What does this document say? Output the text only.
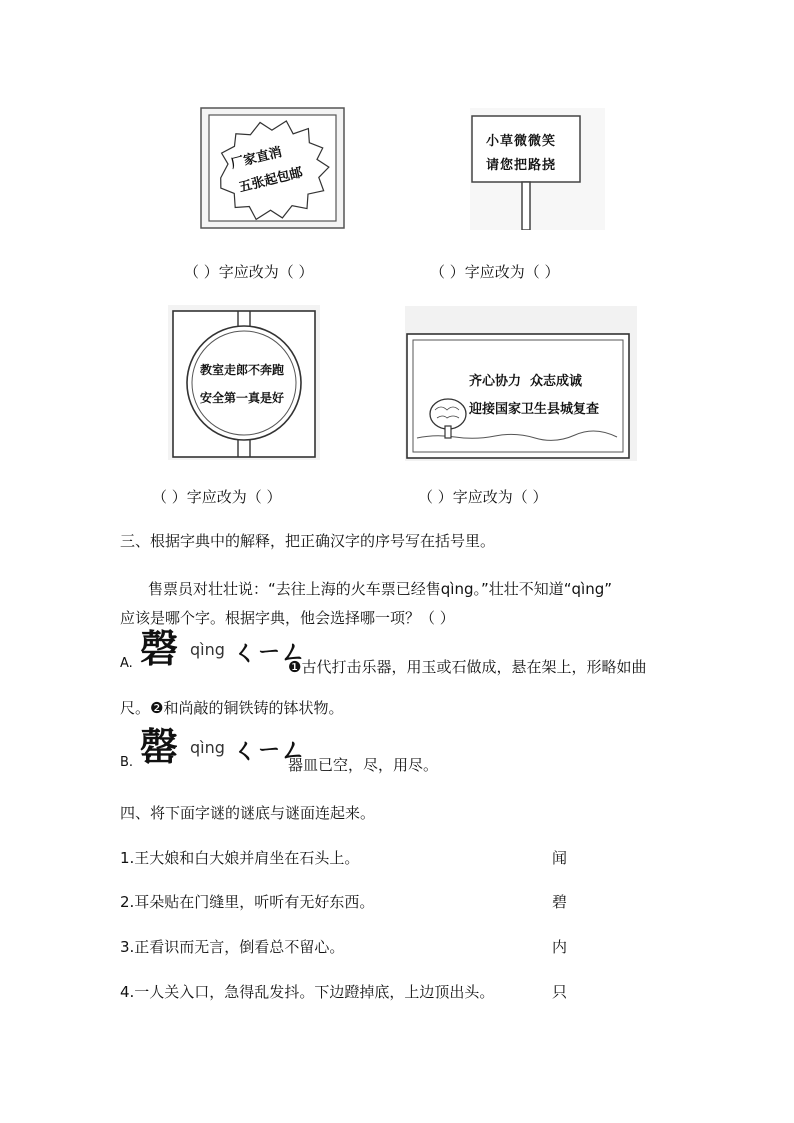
厂家直消
五张起包邮
小草微微笑
请您把路挠
（ ）字应改为（ ）	（ ）字应改为（ ）
教室走郎不奔跑
安全第一真是好
齐心协力  众志成诚
迎接国家卫生县城复查
（ ）字应改为（ ）	（ ）字应改为（ ）
三、根据字典中的解释，把正确汉字的序号写在括号里。
售票员对壮壮说：“去往上海的火车票已经售qìng。”壮壮不知道“qìng”
应该是哪个字。根据字典，他会选择哪一项？（ ）
A. 磬 qìng ㄑㄧㄥ
❶古代打击乐器，用玉或石做成，悬在架上，形略如曲
尺。❷和尚敲的铜铁铸的钵状物。
B. 罄 qìng ㄑㄧㄥ
器皿已空，尽，用尽。
四、将下面字谜的谜底与谜面连起来。
1.王大娘和白大娘并肩坐在石头上。	闻
2.耳朵贴在门缝里，听听有无好东西。	碧
3.正看识而无言，倒看总不留心。	内
4.一人关入口，急得乱发抖。下边蹬掉底，上边顶出头。	只
